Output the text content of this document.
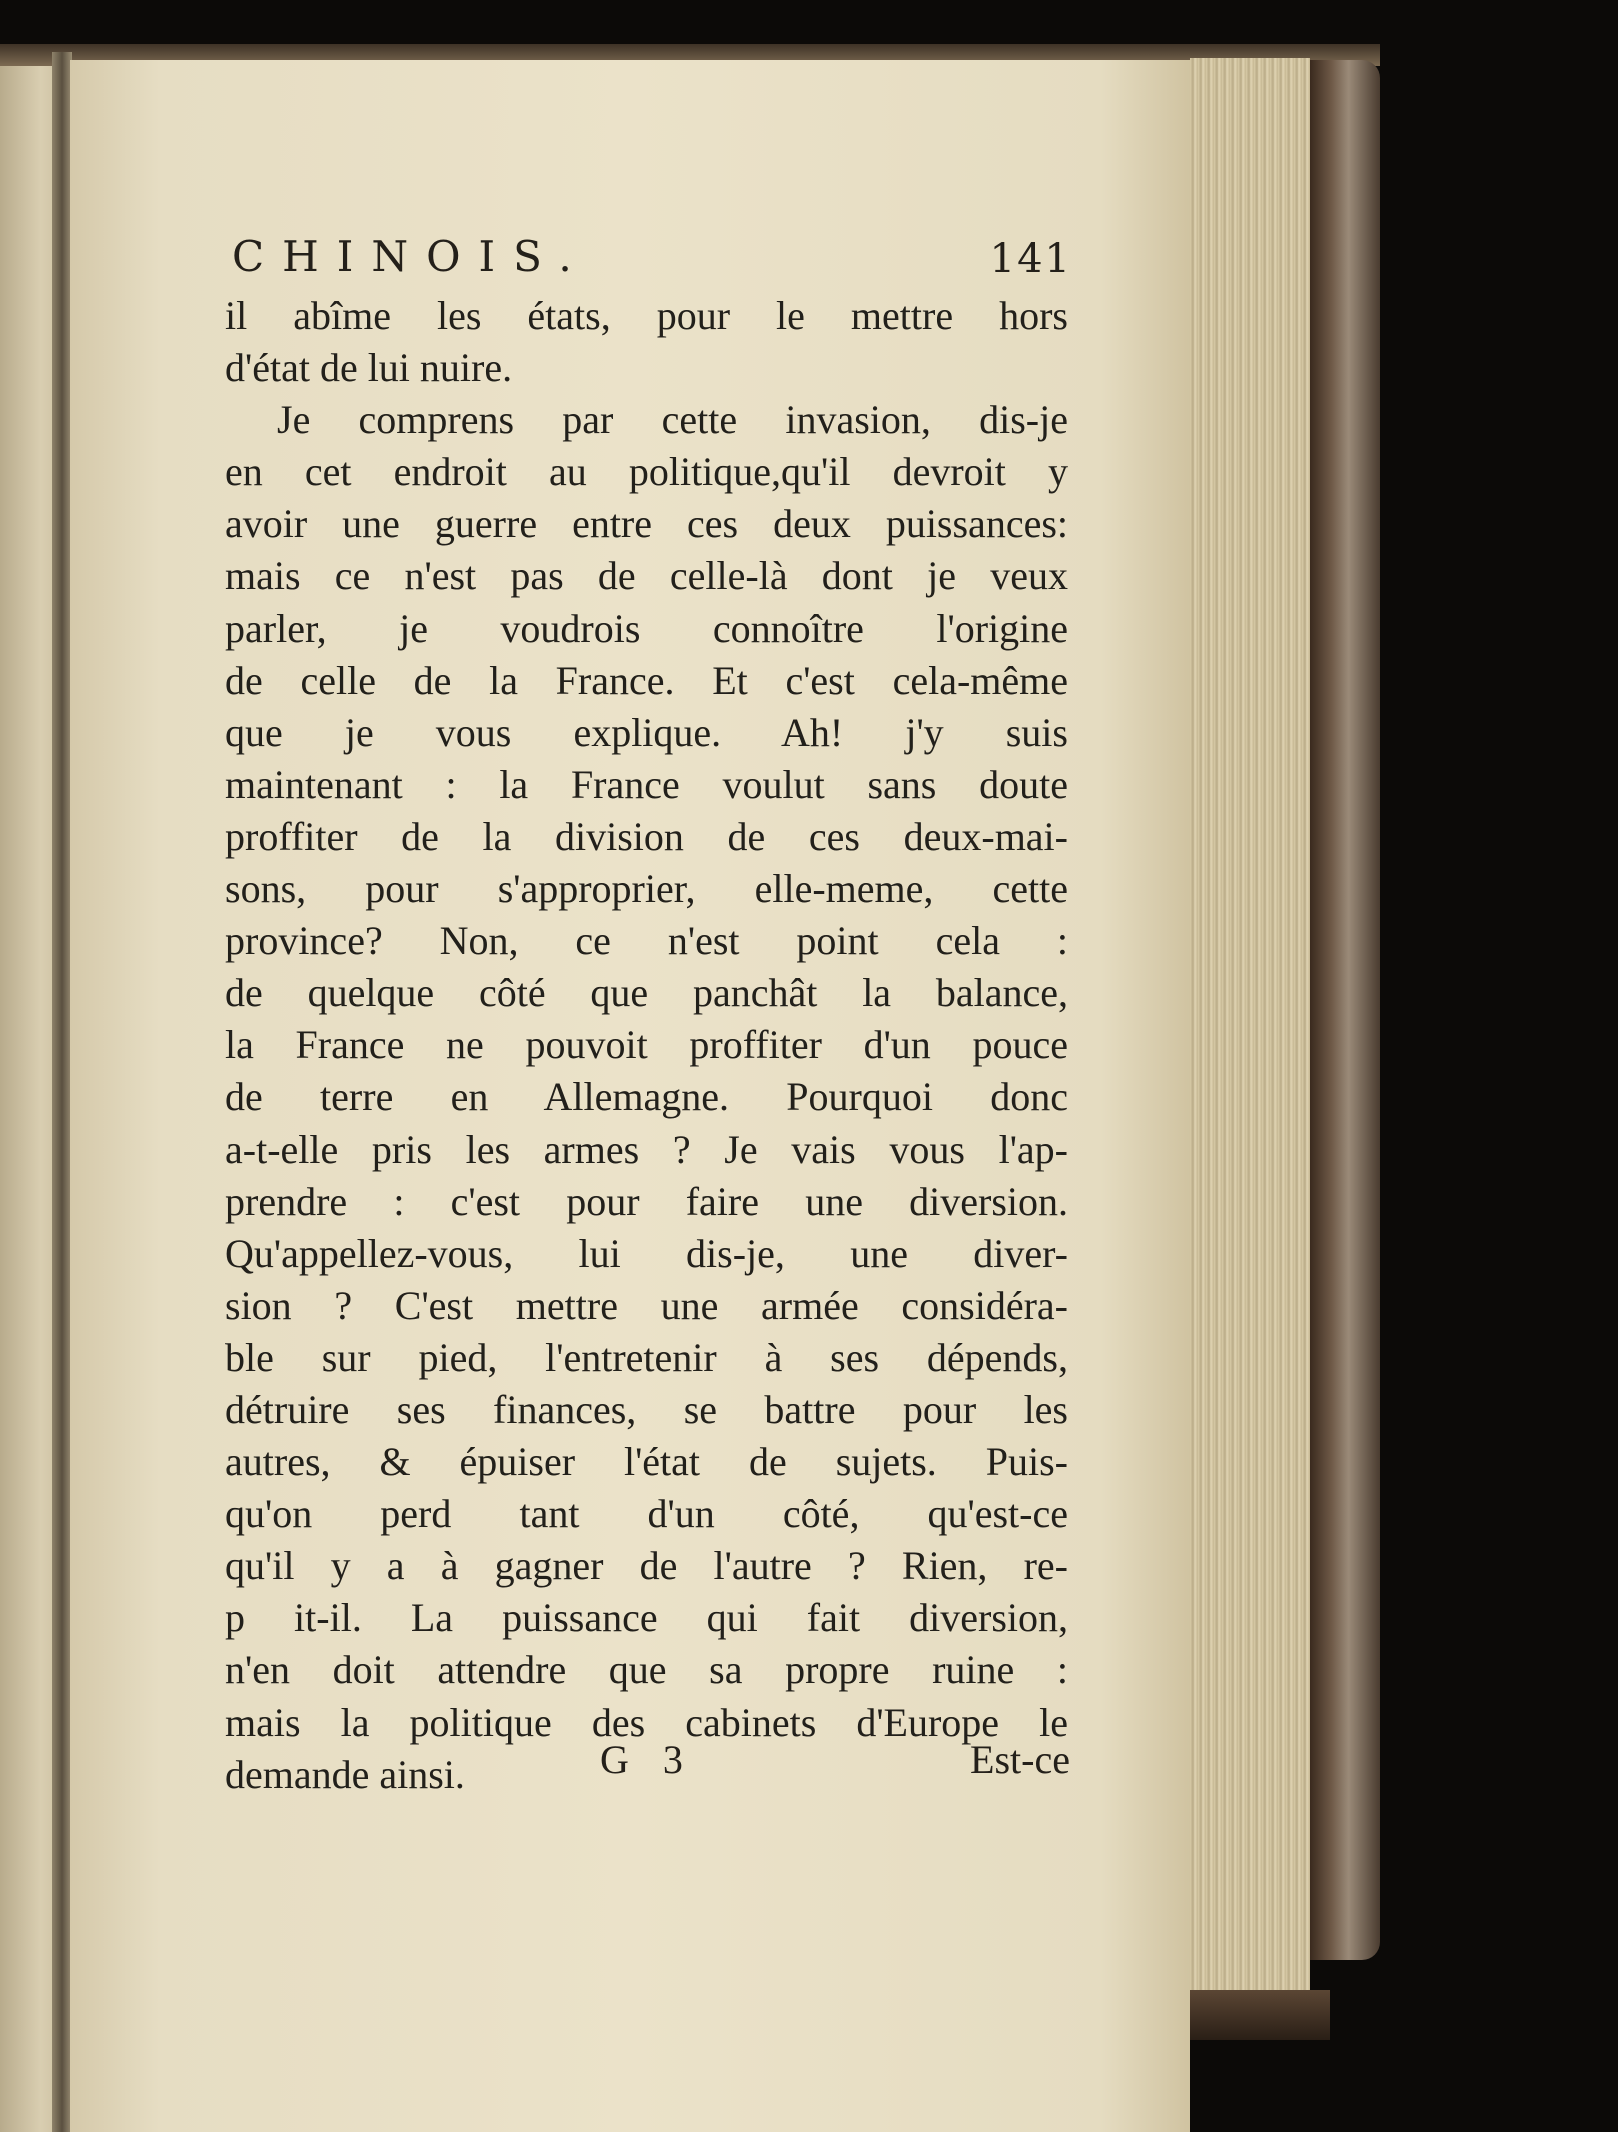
CHINOIS.	141
il abîme les états, pour le mettre hors
d'état de lui nuire.
Je comprens par cette invasion, dis-je
en cet endroit au politique,qu'il devroit y
avoir une guerre entre ces deux puissances:
mais ce n'est pas de celle-là dont je veux
parler, je voudrois connoître l'origine
de celle de la France. Et c'est cela-même
que je vous explique. Ah! j'y suis
maintenant : la France voulut sans doute
proffiter de la division de ces deux-mai-
sons, pour s'approprier, elle-meme, cette
province? Non, ce n'est point cela :
de quelque côté que panchât la balance,
la France ne pouvoit proffiter d'un pouce
de terre en Allemagne. Pourquoi donc
a-t-elle pris les armes ? Je vais vous l'ap-
prendre : c'est pour faire une diversion.
Qu'appellez-vous, lui dis-je, une diver-
sion ? C'est mettre une armée considéra-
ble sur pied, l'entretenir à ses dépends,
détruire ses finances, se battre pour les
autres, & épuiser l'état de sujets. Puis-
qu'on perd tant d'un côté, qu'est-ce
qu'il y a à gagner de l'autre ? Rien, re-
p it-il. La puissance qui fait diversion,
n'en doit attendre que sa propre ruine :
mais la politique des cabinets d'Europe le
demande ainsi.	G 3	Est-ce
